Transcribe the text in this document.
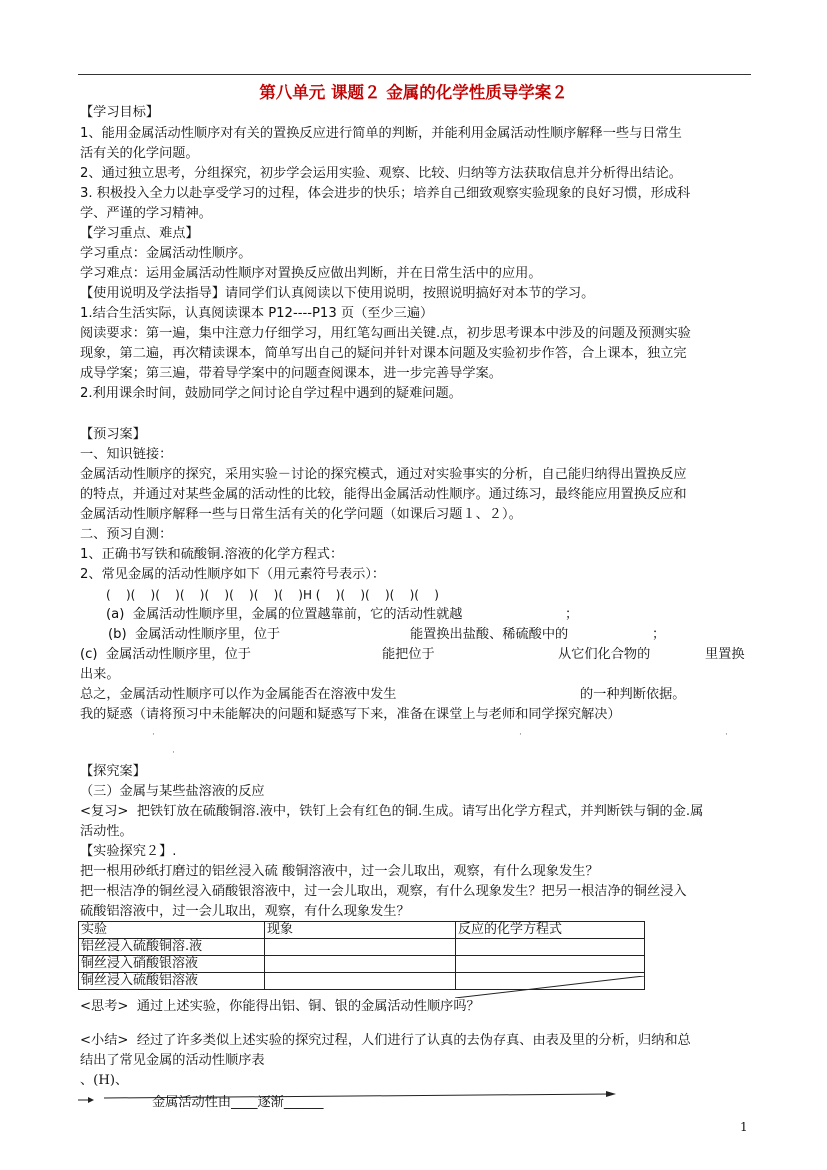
第八单元 课题２ 金属的化学性质导学案２
【学习目标】
1、能用金属活动性顺序对有关的置换反应进行简单的判断，并能利用金属活动性顺序解释一些与日常生
活有关的化学问题。
2、通过独立思考，分组探究，初步学会运用实验、观察、比较、归纳等方法获取信息并分析得出结论。
3. 积极投入全力以赴享受学习的过程，体会进步的快乐；培养自己细致观察实验现象的良好习惯，形成科
学、严谨的学习精神。
【学习重点、难点】
学习重点：金属活动性顺序。
学习难点：运用金属活动性顺序对置换反应做出判断，并在日常生活中的应用。
【使用说明及学法指导】请同学们认真阅读以下使用说明，按照说明搞好对本节的学习。
1.结合生活实际，认真阅读课本 P12----P13 页（至少三遍）
阅读要求：第一遍，集中注意力仔细学习，用红笔勾画出关键.点，初步思考课本中涉及的问题及预测实验
现象，第二遍，再次精读课本，简单写出自己的疑问并针对课本问题及实验初步作答，合上课本，独立完
成导学案；第三遍，带着导学案中的问题查阅课本，进一步完善导学案。
2.利用课余时间，鼓励同学之间讨论自学过程中遇到的疑难问题。
【预习案】
一、知识链接：
金属活动性顺序的探究，采用实验－讨论的探究模式，通过对实验事实的分析，自己能归纳得出置换反应
的特点，并通过对某些金属的活动性的比较，能得出金属活动性顺序。通过练习，最终能应用置换反应和
金属活动性顺序解释一些与日常生活有关的化学问题（如课后习题１、２）。
二、预习自测：
1、正确书写铁和硫酸铜.溶液的化学方程式：
2、常见金属的活动性顺序如下（用元素符号表示）：
(    )(    )(    )(    )(    )(    )(    )(    )H (    )(    )(    )(    )(    )
(a)  金属活动性顺序里，金属的位置越靠前，它的活动性就越	；
(b)  金属活动性顺序里，位于	能置换出盐酸、稀硫酸中的	；
(c)  金属活动性顺序里，位于	能把位于	从它们化合物的	里置换
出来。
总之，金属活动性顺序可以作为金属能否在溶液中发生	的一种判断依据。
我的疑惑（请将预习中未能解决的问题和疑惑写下来，准备在课堂上与老师和同学探究解决）
·	·	·
·
【探究案】
（三）金属与某些盐溶液的反应
<复习>  把铁钉放在硫酸铜溶.液中，铁钉上会有红色的铜.生成。请写出化学方程式，并判断铁与铜的金.属
活动性。
【实验探究２】.
把一根用砂纸打磨过的铝丝浸入硫 酸铜溶液中，过一会儿取出，观察，有什么现象发生？
把一根洁净的铜丝浸入硝酸银溶液中，过一会儿取出，观察，有什么现象发生？把另一根洁净的铜丝浸入
硫酸铝溶液中，过一会儿取出，观察，有什么现象发生？
实验	现象	反应的化学方程式
铝丝浸入硫酸铜溶.液		
铜丝浸入硝酸银溶液		
铜丝浸入硫酸铝溶液		
<思考>  通过上述实验，你能得出铝、铜、银的金属活动性顺序吗？
<小结>  经过了许多类似上述实验的探究过程，人们进行了认真的去伪存真、由表及里的分析，归纳和总
结出了常见金属的活动性顺序表
、(H)、
金属活动性由____逐渐______
1
